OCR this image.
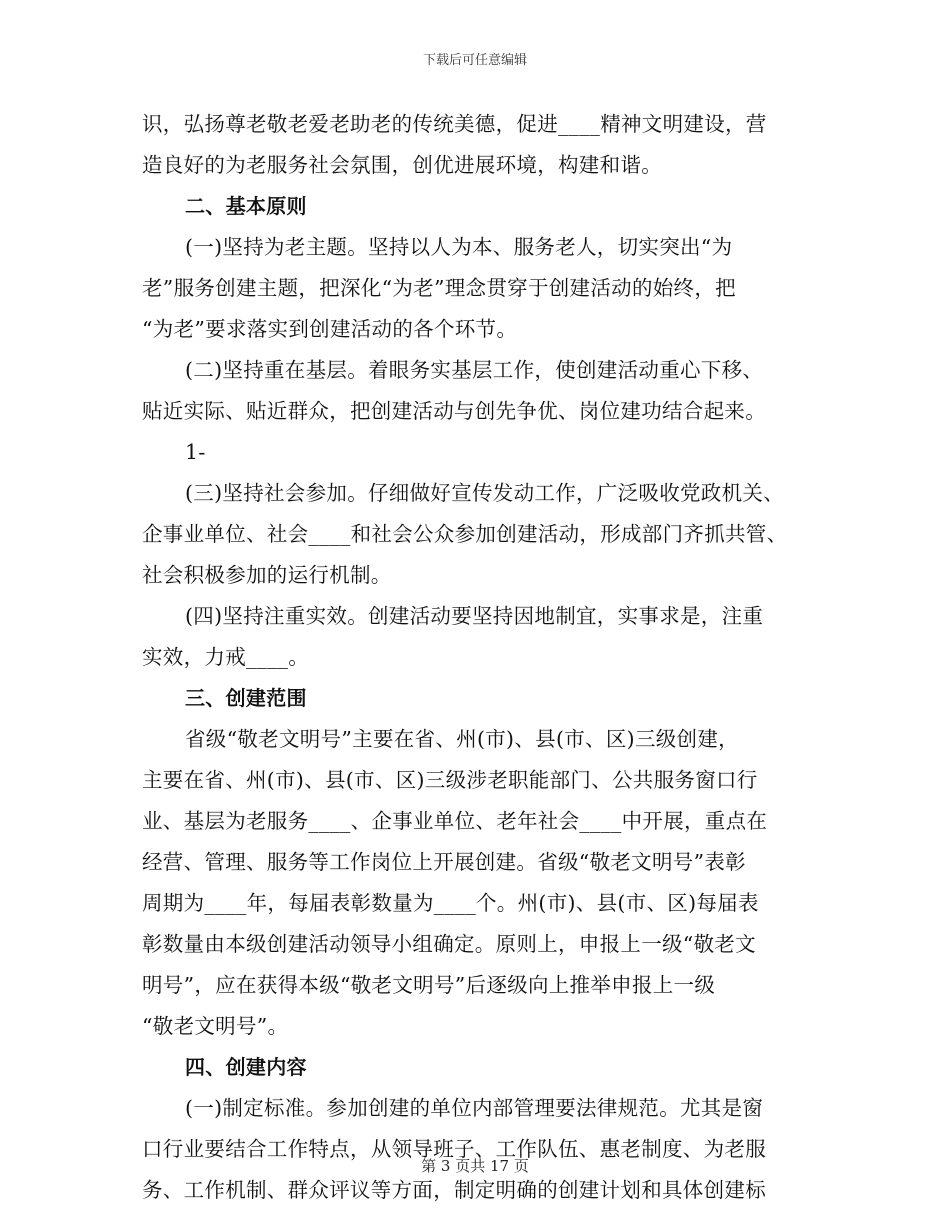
下载后可任意编辑
识，弘扬尊老敬老爱老助老的传统美德，促进____精神文明建设，营
造良好的为老服务社会氛围，创优进展环境，构建和谐。
二、基本原则
(一)坚持为老主题。坚持以人为本、服务老人，切实突出“为
老”服务创建主题，把深化“为老”理念贯穿于创建活动的始终，把
“为老”要求落实到创建活动的各个环节。
(二)坚持重在基层。着眼务实基层工作，使创建活动重心下移、
贴近实际、贴近群众，把创建活动与创先争优、岗位建功结合起来。
1-
(三)坚持社会参加。仔细做好宣传发动工作，广泛吸收党政机关、
企事业单位、社会____和社会公众参加创建活动，形成部门齐抓共管、
社会积极参加的运行机制。
(四)坚持注重实效。创建活动要坚持因地制宜，实事求是，注重
实效，力戒____。
三、创建范围
省级“敬老文明号”主要在省、州(市)、县(市、区)三级创建，
主要在省、州(市)、县(市、区)三级涉老职能部门、公共服务窗口行
业、基层为老服务____、企事业单位、老年社会____中开展，重点在
经营、管理、服务等工作岗位上开展创建。省级“敬老文明号”表彰
周期为____年，每届表彰数量为____个。州(市)、县(市、区)每届表
彰数量由本级创建活动领导小组确定。原则上，申报上一级“敬老文
明号”，应在获得本级“敬老文明号”后逐级向上推举申报上一级
“敬老文明号”。
四、创建内容
(一)制定标准。参加创建的单位内部管理要法律规范。尤其是窗
口行业要结合工作特点，从领导班子、工作队伍、惠老制度、为老服
务、工作机制、群众评议等方面，制定明确的创建计划和具体创建标
第 3 页共 17 页
